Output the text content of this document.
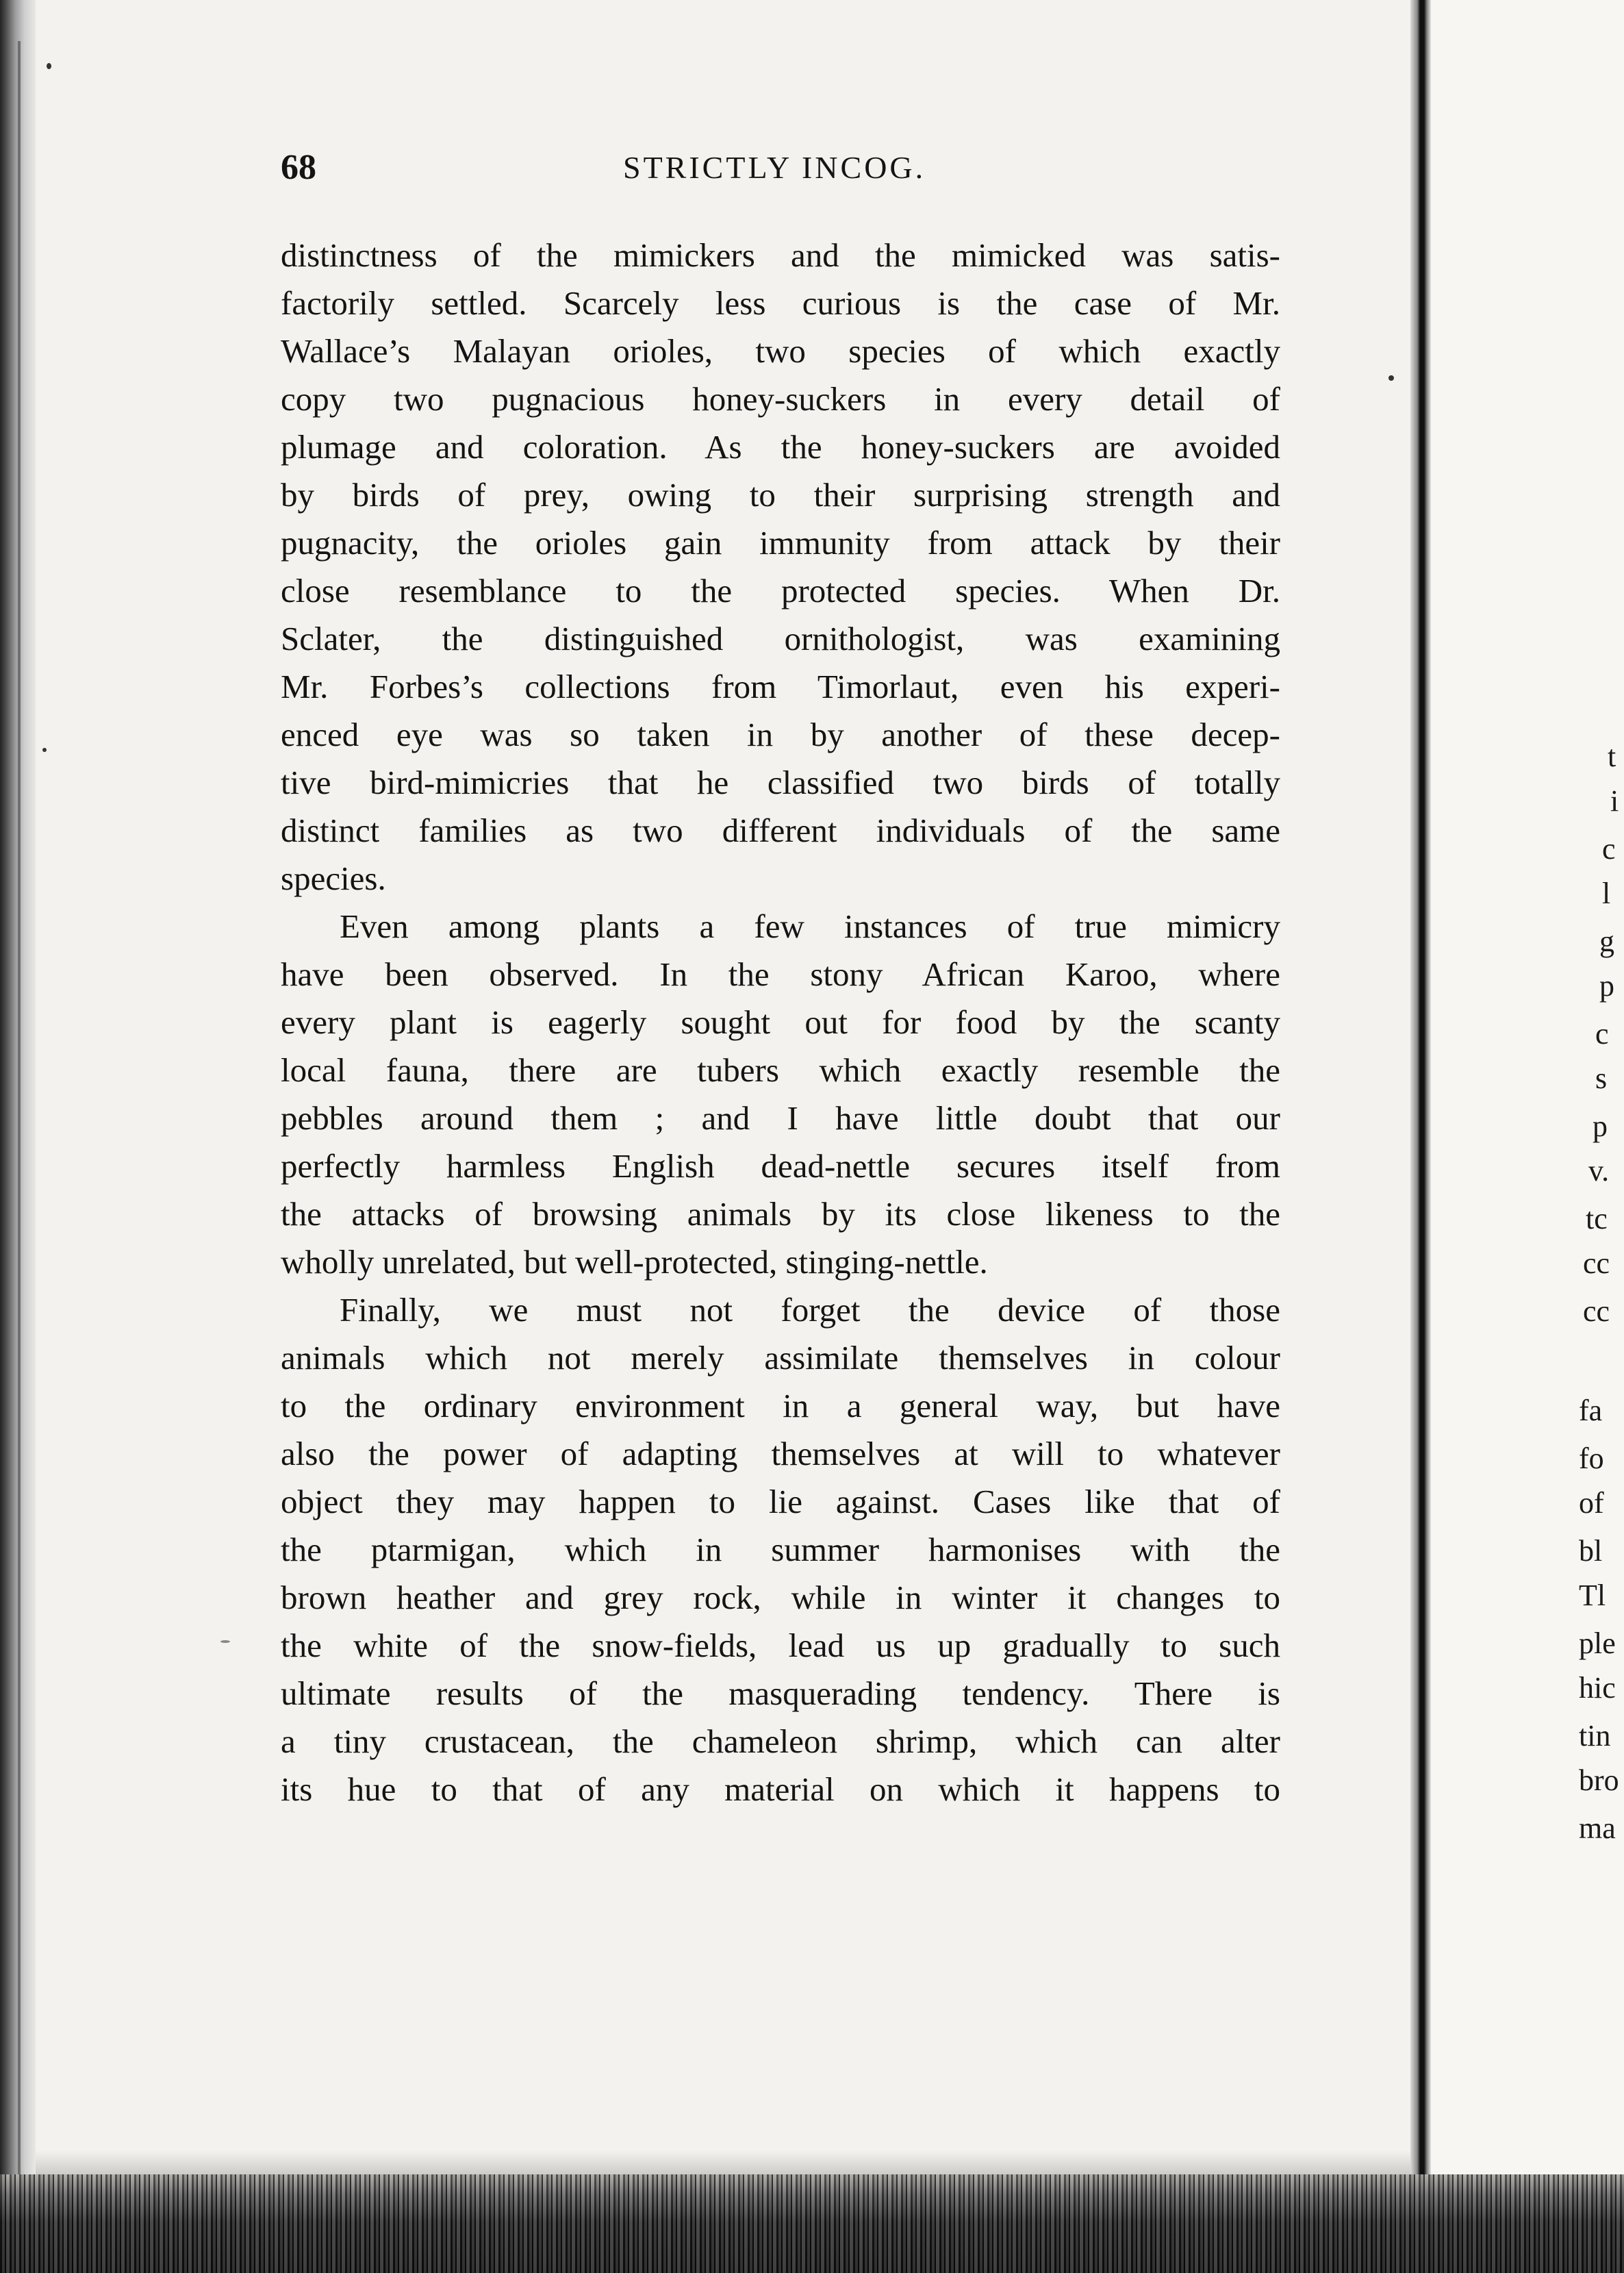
68	STRICTLY INCOG.
distinctness of the mimickers and the mimicked was satis-
factorily settled. Scarcely less curious is the case of Mr.
Wallace’s Malayan orioles, two species of which exactly
copy two pugnacious honey-suckers in every detail of
plumage and coloration. As the honey-suckers are avoided
by birds of prey, owing to their surprising strength and
pugnacity, the orioles gain immunity from attack by their
close resemblance to the protected species. When Dr.
Sclater, the distinguished ornithologist, was examining
Mr. Forbes’s collections from Timorlaut, even his experi-
enced eye was so taken in by another of these decep-
tive bird-mimicries that he classified two birds of totally
distinct families as two different individuals of the same
species.
Even among plants a few instances of true mimicry
have been observed. In the stony African Karoo, where
every plant is eagerly sought out for food by the scanty
local fauna, there are tubers which exactly resemble the
pebbles around them ; and I have little doubt that our
perfectly harmless English dead-nettle secures itself from
the attacks of browsing animals by its close likeness to the
wholly unrelated, but well-protected, stinging-nettle.
Finally, we must not forget the device of those
animals which not merely assimilate themselves in colour
to the ordinary environment in a general way, but have
also the power of adapting themselves at will to whatever
object they may happen to lie against. Cases like that of
the ptarmigan, which in summer harmonises with the
brown heather and grey rock, while in winter it changes to
the white of the snow-fields, lead us up gradually to such
ultimate results of the masquerading tendency. There is
a tiny crustacean, the chameleon shrimp, which can alter
its hue to that of any material on which it happens to
t
i
c
l
g
p
c
s
p
v.
tc
cc
cc
fa
fo
of
bl
Tl
ple
hic
tin
bro
ma
